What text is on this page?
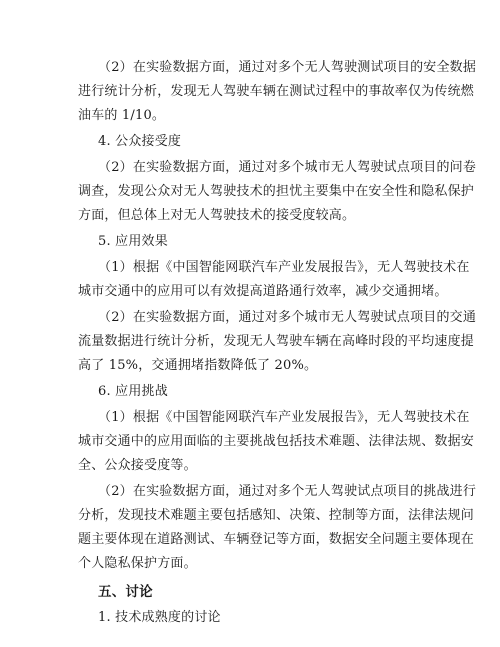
（2）在实验数据方面，通过对多个无人驾驶测试项目的安全数据
进行统计分析，发现无人驾驶车辆在测试过程中的事故率仅为传统燃
油车的 1/10。
4. 公众接受度
（2）在实验数据方面，通过对多个城市无人驾驶试点项目的问卷
调查，发现公众对无人驾驶技术的担忧主要集中在安全性和隐私保护
方面，但总体上对无人驾驶技术的接受度较高。
5. 应用效果
（1）根据《中国智能网联汽车产业发展报告》，无人驾驶技术在
城市交通中的应用可以有效提高道路通行效率，减少交通拥堵。
（2）在实验数据方面，通过对多个城市无人驾驶试点项目的交通
流量数据进行统计分析，发现无人驾驶车辆在高峰时段的平均速度提
高了 15%，交通拥堵指数降低了 20%。
6. 应用挑战
（1）根据《中国智能网联汽车产业发展报告》，无人驾驶技术在
城市交通中的应用面临的主要挑战包括技术难题、法律法规、数据安
全、公众接受度等。
（2）在实验数据方面，通过对多个无人驾驶试点项目的挑战进行
分析，发现技术难题主要包括感知、决策、控制等方面，法律法规问
题主要体现在道路测试、车辆登记等方面，数据安全问题主要体现在
个人隐私保护方面。
五、讨论
1. 技术成熟度的讨论
